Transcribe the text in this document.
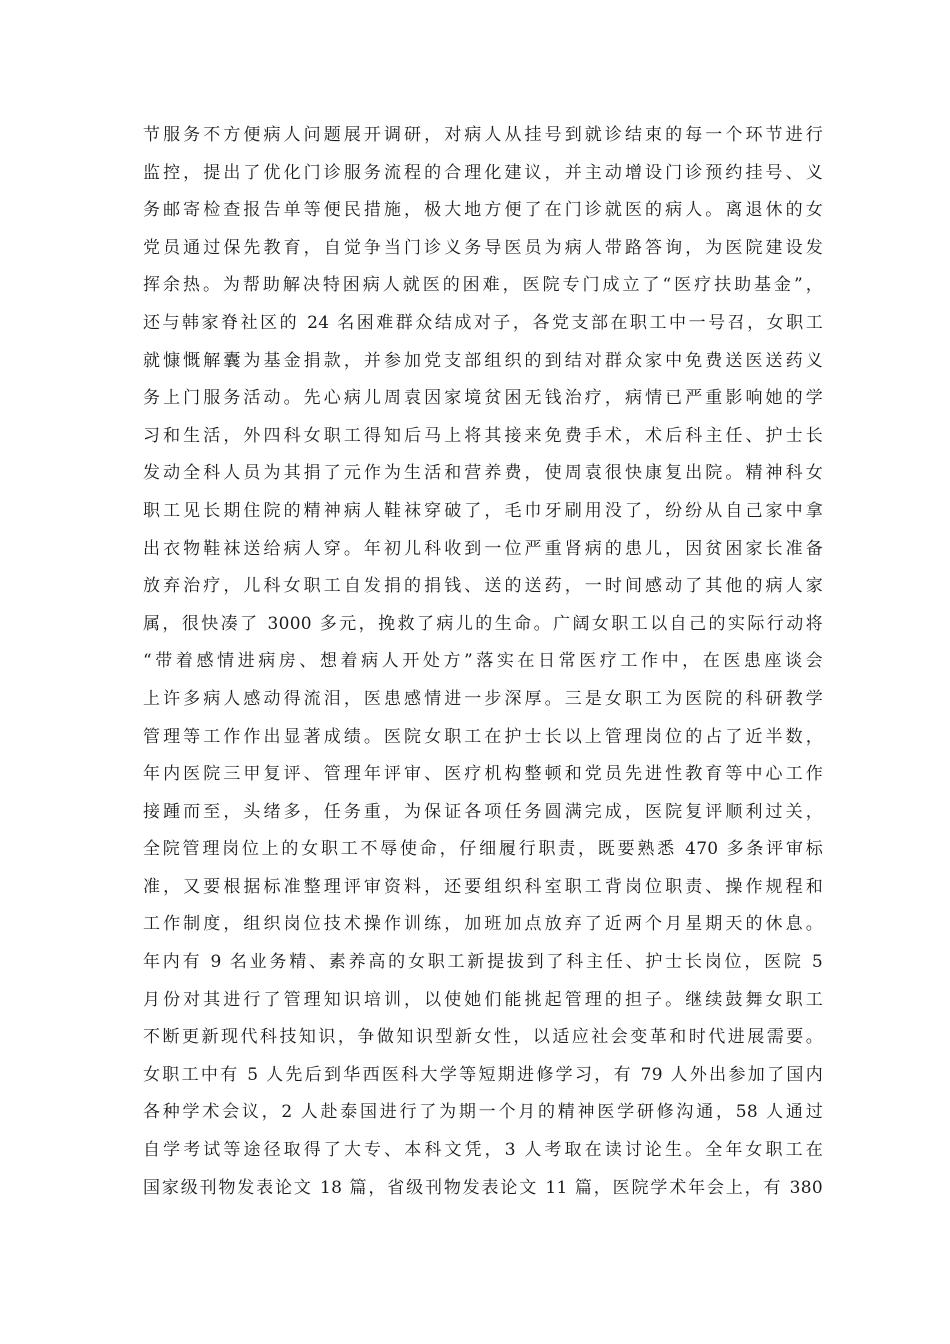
节服务不方便病人问题展开调研，对病人从挂号到就诊结束的每一个环节进行
监控，提出了优化门诊服务流程的合理化建议，并主动增设门诊预约挂号、义
务邮寄检查报告单等便民措施，极大地方便了在门诊就医的病人。离退休的女
党员通过保先教育，自觉争当门诊义务导医员为病人带路答询，为医院建设发
挥余热。为帮助解决特困病人就医的困难，医院专门成立了“医疗扶助基金”，
还与韩家脊社区的 24 名困难群众结成对子，各党支部在职工中一号召，女职工
就慷慨解囊为基金捐款，并参加党支部组织的到结对群众家中免费送医送药义
务上门服务活动。先心病儿周袁因家境贫困无钱治疗，病情已严重影响她的学
习和生活，外四科女职工得知后马上将其接来免费手术，术后科主任、护士长
发动全科人员为其捐了元作为生活和营养费，使周袁很快康复出院。精神科女
职工见长期住院的精神病人鞋袜穿破了，毛巾牙刷用没了，纷纷从自己家中拿
出衣物鞋袜送给病人穿。年初儿科收到一位严重肾病的患儿，因贫困家长准备
放弃治疗，儿科女职工自发捐的捐钱、送的送药，一时间感动了其他的病人家
属，很快凑了 3000 多元，挽救了病儿的生命。广阔女职工以自己的实际行动将
“带着感情进病房、想着病人开处方”落实在日常医疗工作中，在医患座谈会
上许多病人感动得流泪，医患感情进一步深厚。三是女职工为医院的科研教学
管理等工作作出显著成绩。医院女职工在护士长以上管理岗位的占了近半数，
年内医院三甲复评、管理年评审、医疗机构整顿和党员先进性教育等中心工作
接踵而至，头绪多，任务重，为保证各项任务圆满完成，医院复评顺利过关，
全院管理岗位上的女职工不辱使命，仔细履行职责，既要熟悉 470 多条评审标
准，又要根据标准整理评审资料，还要组织科室职工背岗位职责、操作规程和
工作制度，组织岗位技术操作训练，加班加点放弃了近两个月星期天的休息。
年内有 9 名业务精、素养高的女职工新提拔到了科主任、护士长岗位，医院 5
月份对其进行了管理知识培训，以使她们能挑起管理的担子。继续鼓舞女职工
不断更新现代科技知识，争做知识型新女性，以适应社会变革和时代进展需要。
女职工中有 5 人先后到华西医科大学等短期进修学习，有 79 人外出参加了国内
各种学术会议，2 人赴泰国进行了为期一个月的精神医学研修沟通，58 人通过
自学考试等途径取得了大专、本科文凭，3 人考取在读讨论生。全年女职工在
国家级刊物发表论文 18 篇，省级刊物发表论文 11 篇，医院学术年会上，有 380
